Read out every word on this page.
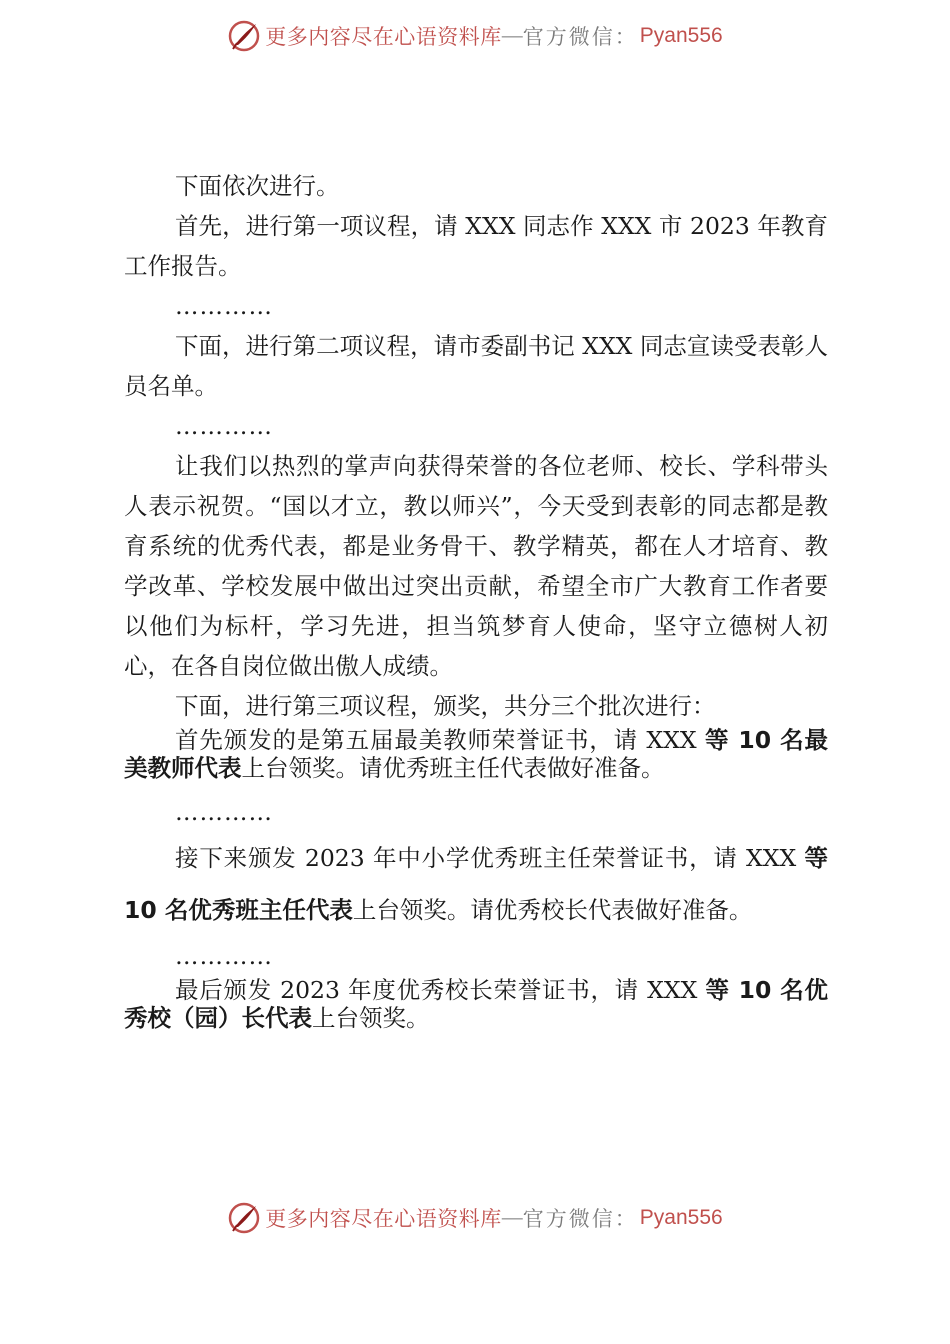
更多内容尽在心语资料库 — 官方微信： Pyan556

下面依次进行。

首先，进行第一项议程，请 XXX 同志作 XXX 市 2023 年教育工作报告。

…………

下面，进行第二项议程，请市委副书记 XXX 同志宣读受表彰人员名单。

…………

让我们以热烈的掌声向获得荣誉的各位老师、校长、学科带头人表示祝贺。“国以才立，教以师兴”，今天受到表彰的同志都是教育系统的优秀代表，都是业务骨干、教学精英，都在人才培育、教学改革、学校发展中做出过突出贡献，希望全市广大教育工作者要以他们为标杆，学习先进，担当筑梦育人使命，坚守立德树人初心，在各自岗位做出傲人成绩。

下面，进行第三项议程，颁奖，共分三个批次进行：

首先颁发的是第五届最美教师荣誉证书，请 XXX 等 10 名最美教师代表上台领奖。请优秀班主任代表做好准备。

…………

接下来颁发 2023 年中小学优秀班主任荣誉证书，请 XXX 等 10 名优秀班主任代表上台领奖。请优秀校长代表做好准备。

…………

最后颁发 2023 年度优秀校长荣誉证书，请 XXX 等 10 名优秀校（园）长代表上台领奖。

更多内容尽在心语资料库 — 官方微信： Pyan556
